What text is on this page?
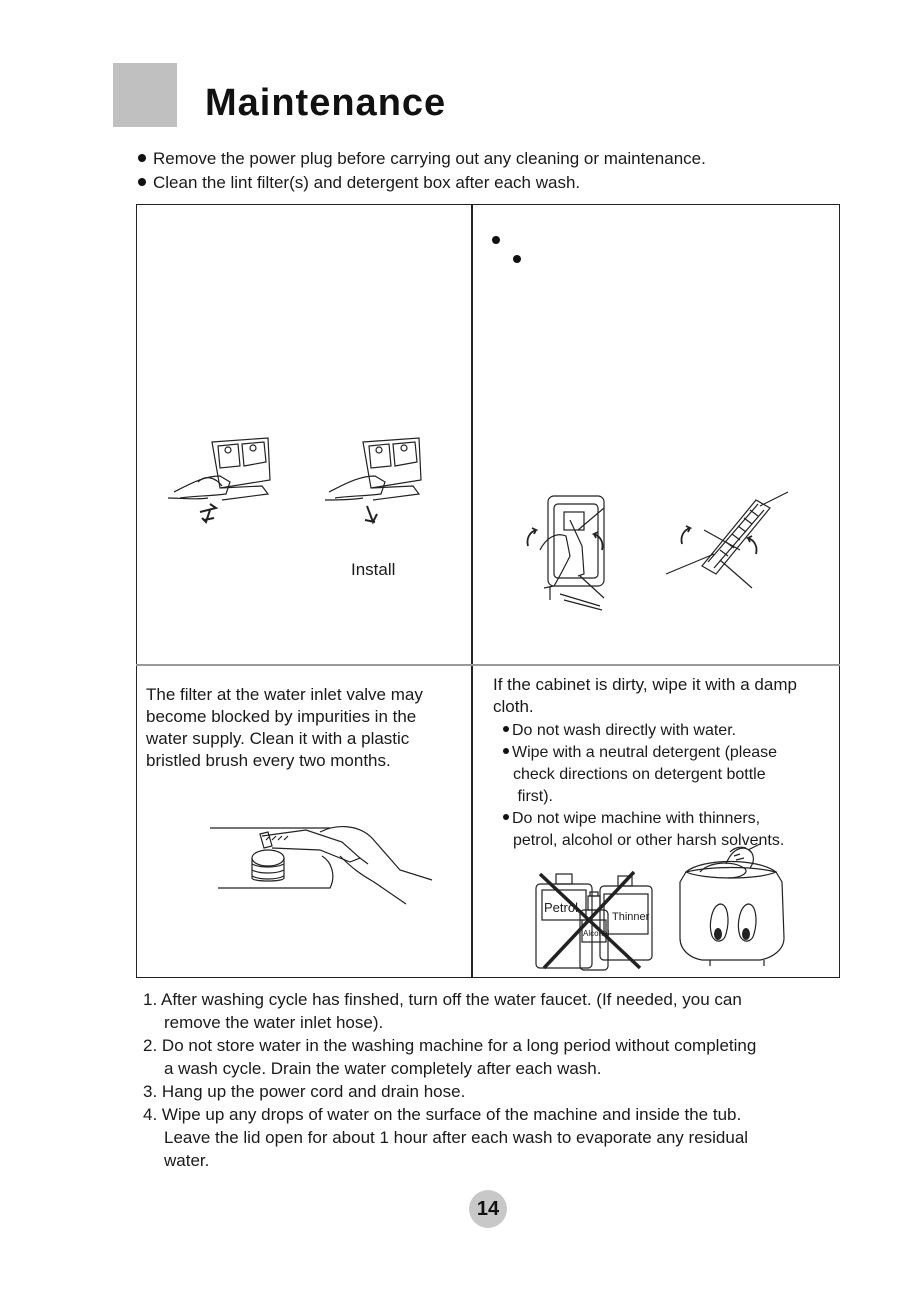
Maintenance
Remove the power plug before carrying out any cleaning or maintenance.
Clean the lint filter(s) and detergent box after each wash.

Install
The filter at the water inlet valve may
become blocked by impurities in the
water supply. Clean it with a plastic
bristled brush every two months.
If the cabinet is dirty, wipe it with a damp
cloth.
Do not wash directly with water.
Wipe with a neutral detergent (please
check directions on detergent bottle
first).
Do not wipe machine with thinners,
petrol, alcohol or other harsh solvents.
Petrol
Thinner
Alcohol
1. After washing cycle has finshed, turn off the water faucet. (If needed, you can
remove the water inlet hose).
2. Do not store water in the washing machine for a long period without completing
a wash cycle. Drain the water completely after each wash.
3. Hang up the power cord and drain hose.
4. Wipe up any drops of water on the surface of the machine and inside the tub.
Leave the lid open for about 1 hour after each wash to evaporate any residual
water.
14
